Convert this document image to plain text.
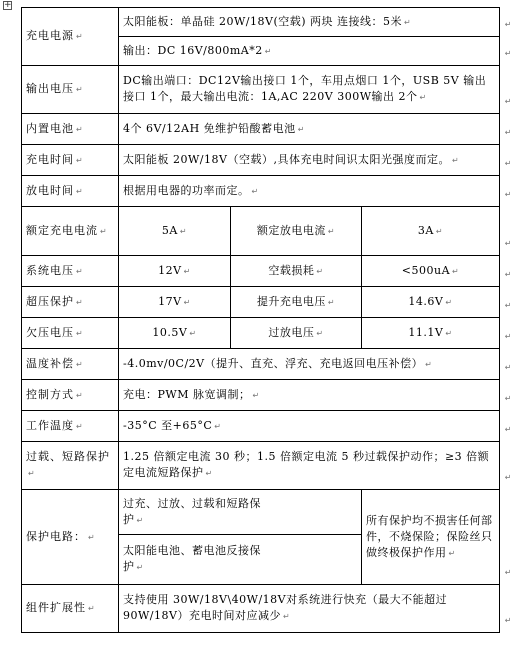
+
充电电源 ↵	太阳能板：单晶硅 20W/18V(空载) 两块 连接线：5米 ↵ ↵		

	输出：DC 16V/800mA*2 ↵ ↵		

输出电压 ↵	DC输出端口：DC12V输出接口 1个，车用点烟口 1个，USB 5V 输出接口 1个，最大输出电流：1A,AC 220V 300W输出 2个 ↵ ↵		

内置电池 ↵	4个 6V/12AH 免维护铅酸蓄电池 ↵ ↵		

充电时间 ↵	太阳能板 20W/18V（空载）,具体充电时间识太阳光强度而定。 ↵ ↵		

放电时间 ↵	根据用电器的功率而定。 ↵ ↵		

额定充电电流 ↵	5A ↵	额定放电电流 ↵	3A ↵
↵

系统电压 ↵	12V ↵	空载损耗 ↵	<500uA ↵ ↵

超压保护 ↵	17V ↵	提升充电电压 ↵	14.6V ↵ ↵

欠压电压 ↵	10.5V ↵	过放电压 ↵	11.1V ↵ ↵

温度补偿 ↵	-4.0mv/0C/2V（提升、直充、浮充、充电返回电压补偿） ↵ ↵		

控制方式 ↵	充电：PWM 脉宽调制； ↵ ↵		

工作温度 ↵	-35°C 至+65°C ↵ ↵		

过载、短路保护↵	1.25 倍额定电流 30 秒；1.5 倍额定电流 5 秒过载保护动作；≥3 倍额定电流短路保护 ↵ ↵		

保护电路： ↵	过充、过放、过载和短路保护 ↵		所有保护均不损害任何部件，不烧保险；保险丝只做终极保护作用 ↵
↵

	太阳能电池、蓄电池反接保护 ↵		

组件扩展性 ↵	支持使用 30W/18V\40W/18V对系统进行快充（最大不能超过 90W/18V）充电时间对应减少 ↵ ↵		
